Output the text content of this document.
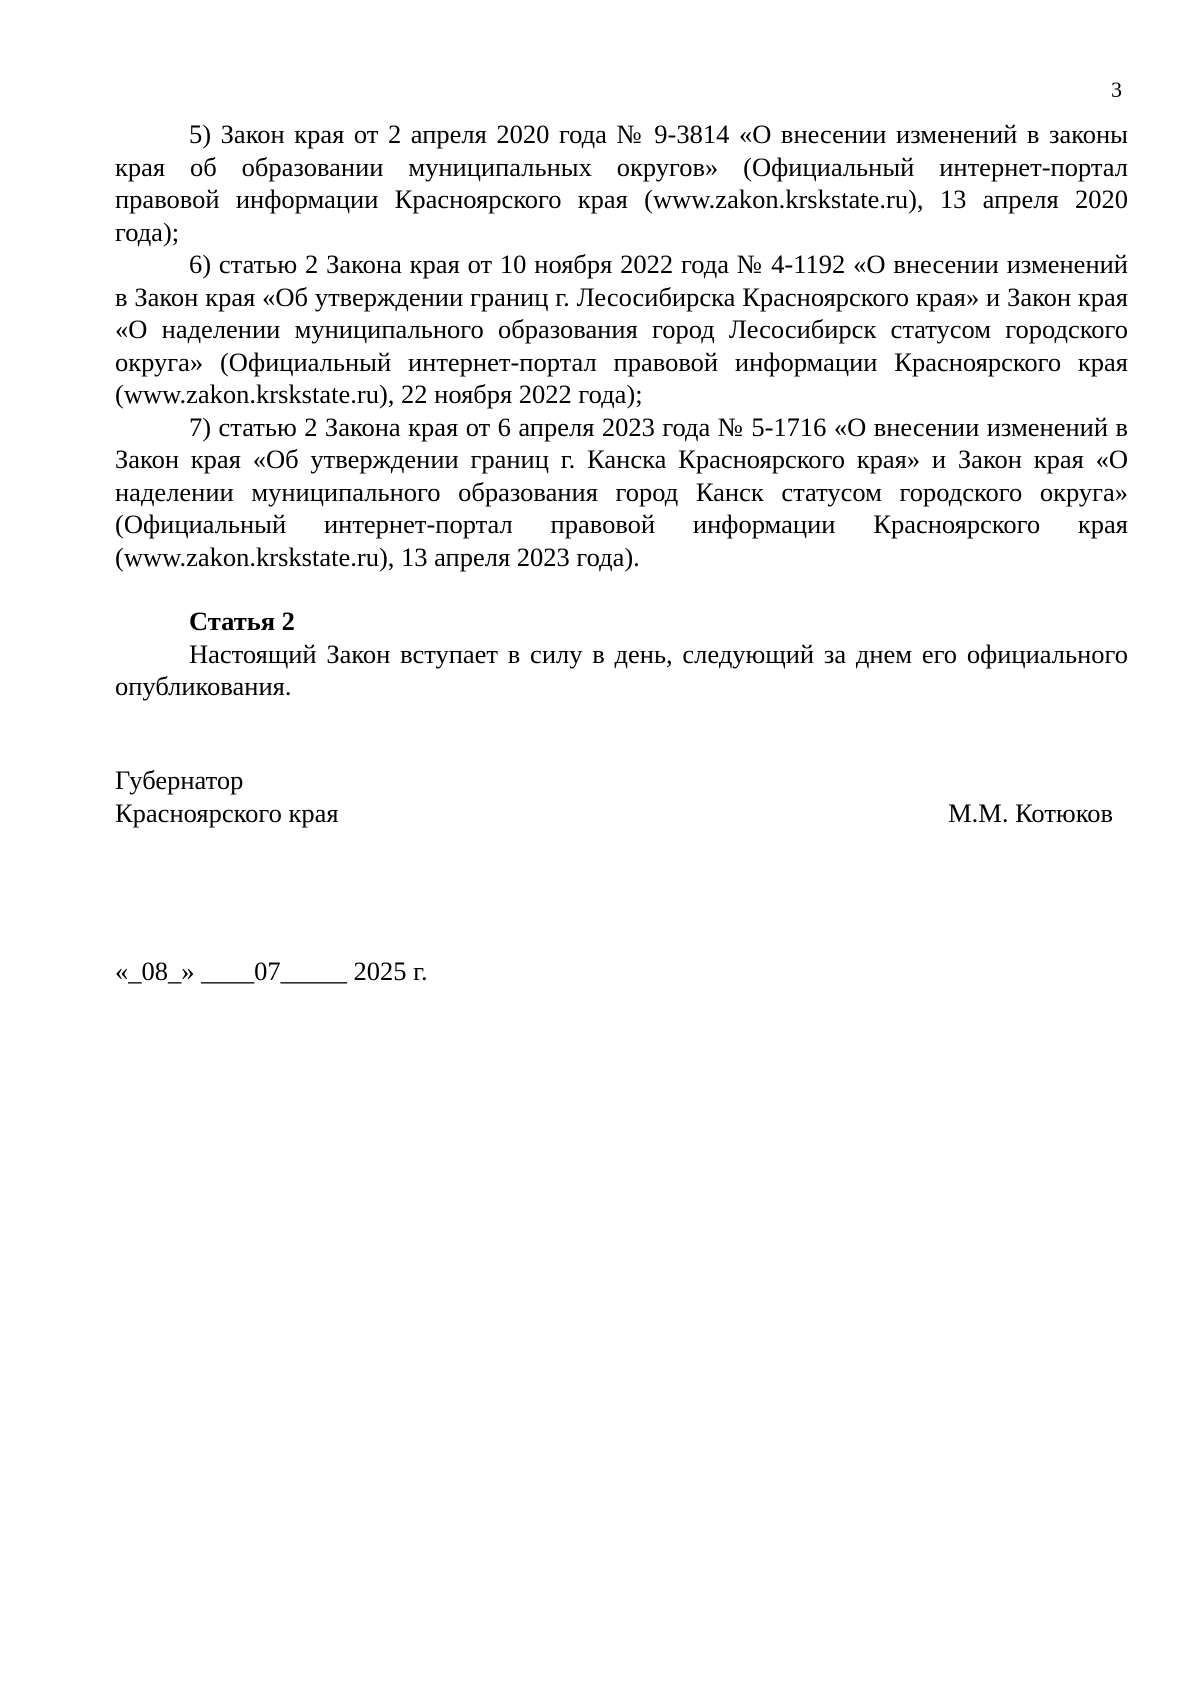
3

5) Закон края от 2 апреля 2020 года № 9-3814 «О внесении изменений в законы края об образовании муниципальных округов» (Официальный интернет-портал правовой информации Красноярского края (www.zakon.krskstate.ru), 13 апреля 2020 года);

6) статью 2 Закона края от 10 ноября 2022 года № 4-1192 «О внесении изменений в Закон края «Об утверждении границ г. Лесосибирска Красноярского края» и Закон края «О наделении муниципального образования город Лесосибирск статусом городского округа» (Официальный интернет-портал правовой информации Красноярского края (www.zakon.krskstate.ru), 22 ноября 2022 года);

7) статью 2 Закона края от 6 апреля 2023 года № 5-1716 «О внесении изменений в Закон края «Об утверждении границ г. Канска Красноярского края» и Закон края «О наделении муниципального образования город Канск статусом городского округа» (Официальный интернет-портал правовой информации Красноярского края (www.zakon.krskstate.ru), 13 апреля 2023 года).

Статья 2

Настоящий Закон вступает в силу в день, следующий за днем его официального опубликования.

Губернатор
Красноярского края	М.М. Котюков
«_08_» ____07_____ 2025 г.
